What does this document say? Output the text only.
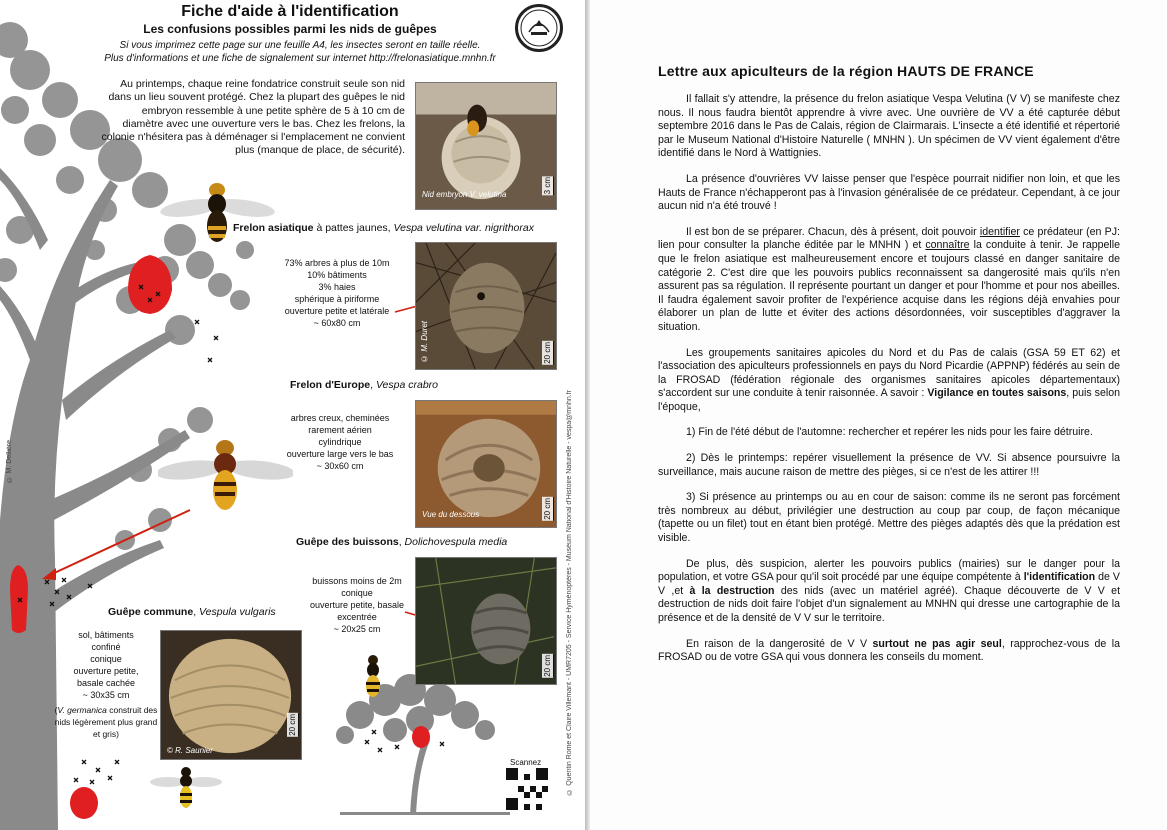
Fiche d'aide à l'identification
Les confusions possibles parmi les nids de guêpes
Si vous imprimez cette page sur une feuille A4, les insectes seront en taille réelle.
Plus d'informations et une fiche de signalement sur internet http://frelonasiatique.mnhn.fr
Au printemps, chaque reine fondatrice construit seule son nid dans un lieu souvent protégé. Chez la plupart des guêpes le nid embryon ressemble à une petite sphère de 5 à 10 cm de diamètre avec une ouverture vers le bas. Chez les frelons, la colonie n'hésitera pas à déménager si l'emplacement ne convient plus (manque de place, de sécurité).
Nid embryon V. velutina
3 cm
Frelon asiatique à pattes jaunes, Vespa velutina var. nigrithorax
73% arbres à plus de 10m
10% bâtiments
3% haies
sphérique à piriforme
ouverture petite et latérale
~ 60x80 cm	© M. Duret	20 cm
Frelon d'Europe, Vespa crabro
arbres creux, cheminées
rarement aérien
cylindrique
ouverture large vers le bas
~ 30x60 cm
Vue du dessous	20 cm
Guêpe des buissons, Dolichovespula media
buissons moins de 2m
conique
ouverture petite, basale
excentrée
~ 20x25 cm
20 cm
Guêpe commune, Vespula vulgaris
sol, bâtiments
confiné
conique
ouverture petite,
basale cachée
~ 30x35 cm
(V. germanica construit des nids légèrement plus grand et gris)
© R. Saunier
20 cm
Scannez
© M. Dellière	© Quentin Rome et Claire Villemant - UMR7205 - Service Hyménoptères - Muséum National d'Histoire Naturelle - vespa@mnhn.fr
Lettre aux apiculteurs de la région HAUTS DE FRANCE

Il fallait s'y attendre, la présence du frelon asiatique Vespa Velutina (V V) se manifeste chez nous. Il nous faudra bientôt apprendre à vivre avec. Une ouvrière de VV a été capturée début septembre 2016 dans le Pas de Calais, région de Clairmarais. L'insecte a été identifié et répertorié par le Museum National d'Histoire Naturelle ( MNHN ). Un spécimen de VV vient également d'être identifié dans le Nord à Wattignies.

La présence d'ouvrières VV laisse penser que l'espèce pourrait nidifier non loin, et que les Hauts de France n'échapperont pas à l'invasion généralisée de ce prédateur. Cependant, à ce jour aucun nid n'a été trouvé !

Il est bon de se préparer. Chacun, dès à présent, doit pouvoir identifier ce prédateur (en PJ: lien pour consulter la planche éditée par le MNHN ) et connaître la conduite à tenir. Je rappelle que le frelon asiatique est malheureusement encore et toujours classé en danger sanitaire de catégorie 2. C'est dire que les pouvoirs publics reconnaissent sa dangerosité mais qu'ils n'en assurent pas sa régulation. Il représente pourtant un danger et pour l'homme et pour nos abeilles. Il faudra également savoir profiter de l'expérience acquise dans les régions déjà envahies pour élaborer un plan de lutte et éviter des actions désordonnées, voir susceptibles d'aggraver la situation.

Les groupements sanitaires apicoles du Nord et du Pas de calais (GSA 59 ET 62) et l'association des apiculteurs professionnels en pays du Nord Picardie (APPNP) fédérés au sein de la FROSAD (fédération régionale des organismes sanitaires apicoles départementaux) s'accordent sur une conduite à tenir raisonnée. A savoir : Vigilance en toutes saisons, puis selon l'époque,

1) Fin de l'été début de l'automne: rechercher et repérer les nids pour les faire détruire.

2) Dès le printemps: repérer visuellement la présence de VV. Si absence poursuivre la surveillance, mais aucune raison de mettre des pièges, si ce n'est de les attirer !!!

3) Si présence au printemps ou au en cour de saison: comme ils ne seront pas forcément très nombreux au début, privilégier une destruction au coup par coup, de façon mécanique (tapette ou un filet) tout en étant bien protégé. Mettre des pièges adaptés dès que la prédation est visible.

De plus, dès suspicion, alerter les pouvoirs publics (mairies) sur le danger pour la population, et votre GSA pour qu'il soit procédé par une équipe compétente à l'identification de V V ,et à la destruction des nids (avec un matériel agréé). Chaque découverte de V V et destruction de nids doit faire l'objet d'un signalement au MNHN qui dresse une cartographie de la présence et de la densité de V V sur le territoire.

En raison de la dangerosité de V V surtout ne pas agir seul, rapprochez-vous de la FROSAD ou de votre GSA qui vous donnera les conseils du moment.
